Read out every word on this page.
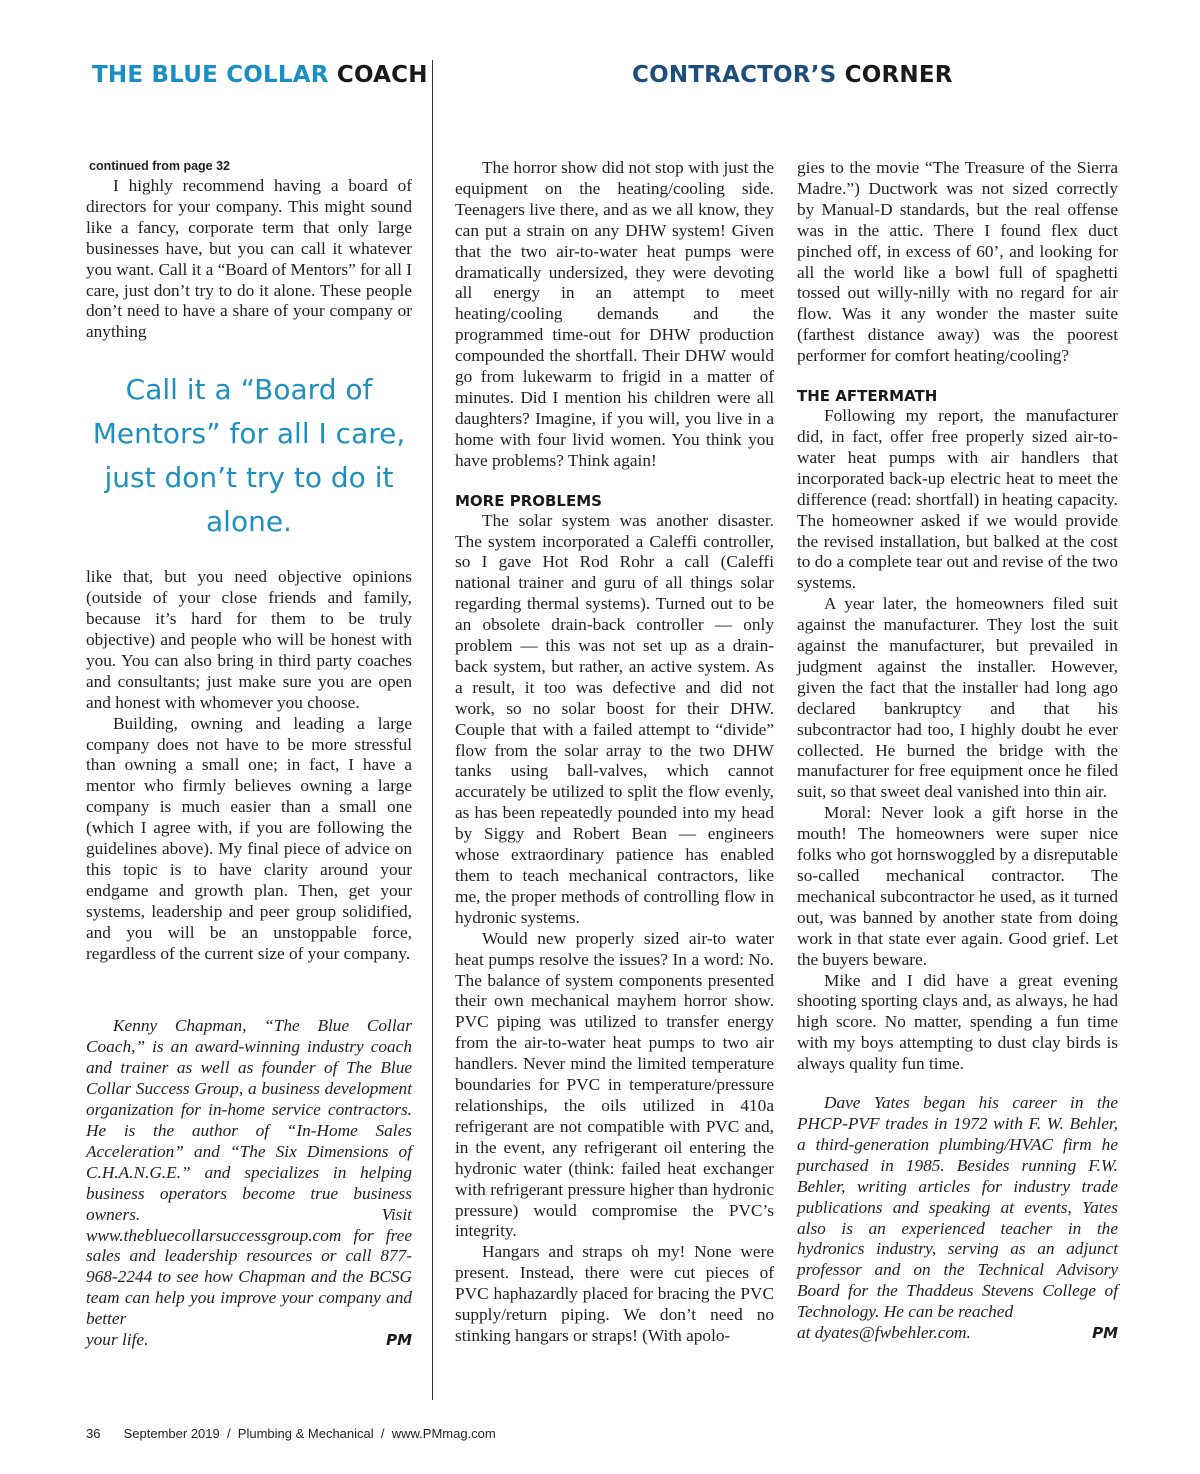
THE BLUE COLLAR COACH	CONTRACTOR’S CORNER
continued from page 32

I highly recommend having a board of directors for your company. This might sound like a fancy, corporate term that only large businesses have, but you can call it whatever you want. Call it a “Board of Mentors” for all I care, just don’t try to do it alone. These people don’t need to have a share of your company or anything

Call it a “Board of Mentors” for all I care, just don’t try to do it alone.

like that, but you need objective opinions (outside of your close friends and family, because it’s hard for them to be truly objective) and people who will be honest with you. You can also bring in third party coaches and consultants; just make sure you are open and honest with whomever you choose.

Building, owning and leading a large company does not have to be more stressful than owning a small one; in fact, I have a mentor who firmly believes owning a large company is much easier than a small one (which I agree with, if you are following the guidelines above). My final piece of advice on this topic is to have clarity around your endgame and growth plan. Then, get your systems, leadership and peer group solidified, and you will be an unstoppable force, regardless of the current size of your company.

Kenny Chapman, “The Blue Collar Coach,” is an award-winning industry coach and trainer as well as founder of The Blue Collar Success Group, a business development organization for in-home service contractors. He is the author of “In-Home Sales Acceleration” and “The Six Dimensions of C.H.A.N.G.E.” and specializes in helping business operators become true business owners. Visit www.thebluecollarsuccessgroup.com for free sales and leadership resources or call 877-968-2244 to see how Chapman and the BCSG team can help you improve your company and better

your life.	PM

The horror show did not stop with just the equipment on the heating/cooling side. Teenagers live there, and as we all know, they can put a strain on any DHW system! Given that the two air-to-water heat pumps were dramatically undersized, they were devoting all energy in an attempt to meet heating/cooling demands and the programmed time-out for DHW production compounded the shortfall. Their DHW would go from lukewarm to frigid in a matter of minutes. Did I mention his children were all daughters? Imagine, if you will, you live in a home with four livid women. You think you have problems? Think again!

MORE PROBLEMS

The solar system was another disaster. The system incorporated a Caleffi controller, so I gave Hot Rod Rohr a call (Caleffi national trainer and guru of all things solar regarding thermal systems). Turned out to be an obsolete drain-back controller — only problem — this was not set up as a drain-back system, but rather, an active system. As a result, it too was defective and did not work, so no solar boost for their DHW. Couple that with a failed attempt to “divide” flow from the solar array to the two DHW tanks using ball-valves, which cannot accurately be utilized to split the flow evenly, as has been repeatedly pounded into my head by Siggy and Robert Bean — engineers whose extraordinary patience has enabled them to teach mechanical contractors, like me, the proper methods of controlling flow in hydronic systems.

Would new properly sized air-to water heat pumps resolve the issues? In a word: No. The balance of system components presented their own mechanical mayhem horror show. PVC piping was utilized to transfer energy from the air-to-water heat pumps to two air handlers. Never mind the limited temperature boundaries for PVC in temperature/pressure relationships, the oils utilized in 410a refrigerant are not compatible with PVC and, in the event, any refrigerant oil entering the hydronic water (think: failed heat exchanger with refrigerant pressure higher than hydronic pressure) would compromise the PVC’s integrity.

Hangars and straps oh my! None were present. Instead, there were cut pieces of PVC haphazardly placed for bracing the PVC supply/return piping. We don’t need no stinking hangars or straps! (With apolo-

gies to the movie “The Treasure of the Sierra Madre.”) Ductwork was not sized correctly by Manual-D standards, but the real offense was in the attic. There I found flex duct pinched off, in excess of 60’, and looking for all the world like a bowl full of spaghetti tossed out willy-nilly with no regard for air flow. Was it any wonder the master suite (farthest distance away) was the poorest performer for comfort heating/cooling?

THE AFTERMATH

Following my report, the manufacturer did, in fact, offer free properly sized air-to-water heat pumps with air handlers that incorporated back-up electric heat to meet the difference (read: shortfall) in heating capacity. The homeowner asked if we would provide the revised installation, but balked at the cost to do a complete tear out and revise of the two systems.

A year later, the homeowners filed suit against the manufacturer. They lost the suit against the manufacturer, but prevailed in judgment against the installer. However, given the fact that the installer had long ago declared bankruptcy and that his subcontractor had too, I highly doubt he ever collected. He burned the bridge with the manufacturer for free equipment once he filed suit, so that sweet deal vanished into thin air.

Moral: Never look a gift horse in the mouth! The homeowners were super nice folks who got hornswoggled by a disreputable so-called mechanical contractor. The mechanical subcontractor he used, as it turned out, was banned by another state from doing work in that state ever again. Good grief. Let the buyers beware.

Mike and I did have a great evening shooting sporting clays and, as always, he had high score. No matter, spending a fun time with my boys attempting to dust clay birds is always quality fun time.

Dave Yates began his career in the PHCP-PVF trades in 1972 with F. W. Behler, a third-generation plumbing/HVAC firm he purchased in 1985. Besides running F.W. Behler, writing articles for industry trade publications and speaking at events, Yates also is an experienced teacher in the hydronics industry, serving as an adjunct professor and on the Technical Advisory Board for the Thaddeus Stevens College of Technology. He can be reached

at dyates@fwbehler.com.	PM
36 September 2019  /  Plumbing & Mechanical  /  www.PMmag.com
